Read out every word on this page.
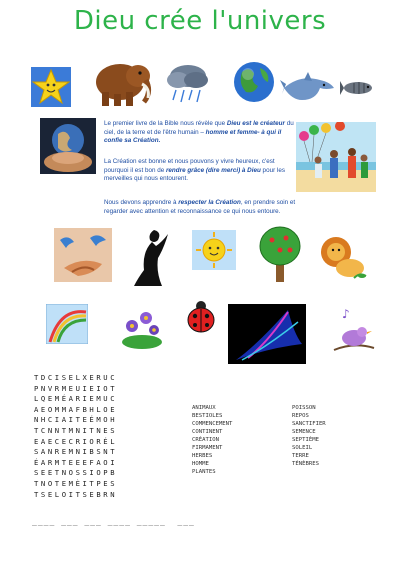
Dieu crée l'univers
Le premier livre de la Bible nous révèle que Dieu est le créateur du ciel, de la terre et de l'être humain – homme et femme- à qui il confie sa Création.
La Création est bonne et nous pouvons y vivre heureux, c'est pourquoi il est bon de rendre grâce (dire merci) à Dieu pour les merveilles qui nous entourent.
Nous devons apprendre à respecter la Création, en prendre soin et regarder avec attention et reconnaissance ce qui nous entoure.
♪
TDCISELXERUC
PNVRMEUIEIOT
LQEMÉARIEMUC
AEOMMAFBHLOE
NHCIAITEÉMOH
TCNNTMNITNES
EAECECRIORÉL
SANREMNIBSNT
ÉARMTEEEFAOI
SEETNOSSIOPB
TNOTEMÈITPES
TSELOITSEBRN
ANIMAUX
BESTIOLES
COMMENCEMENT
CONTINENT
CRÉATION
FIRMAMENT
HERBES
HOMME
PLANTES
POISSON
REPOS
SANCTIFIER
SEMENCE
SEPTIÈME
SOLEIL
TERRE
TÉNÈBRES
____ ___ ___ ____ _____  ___
